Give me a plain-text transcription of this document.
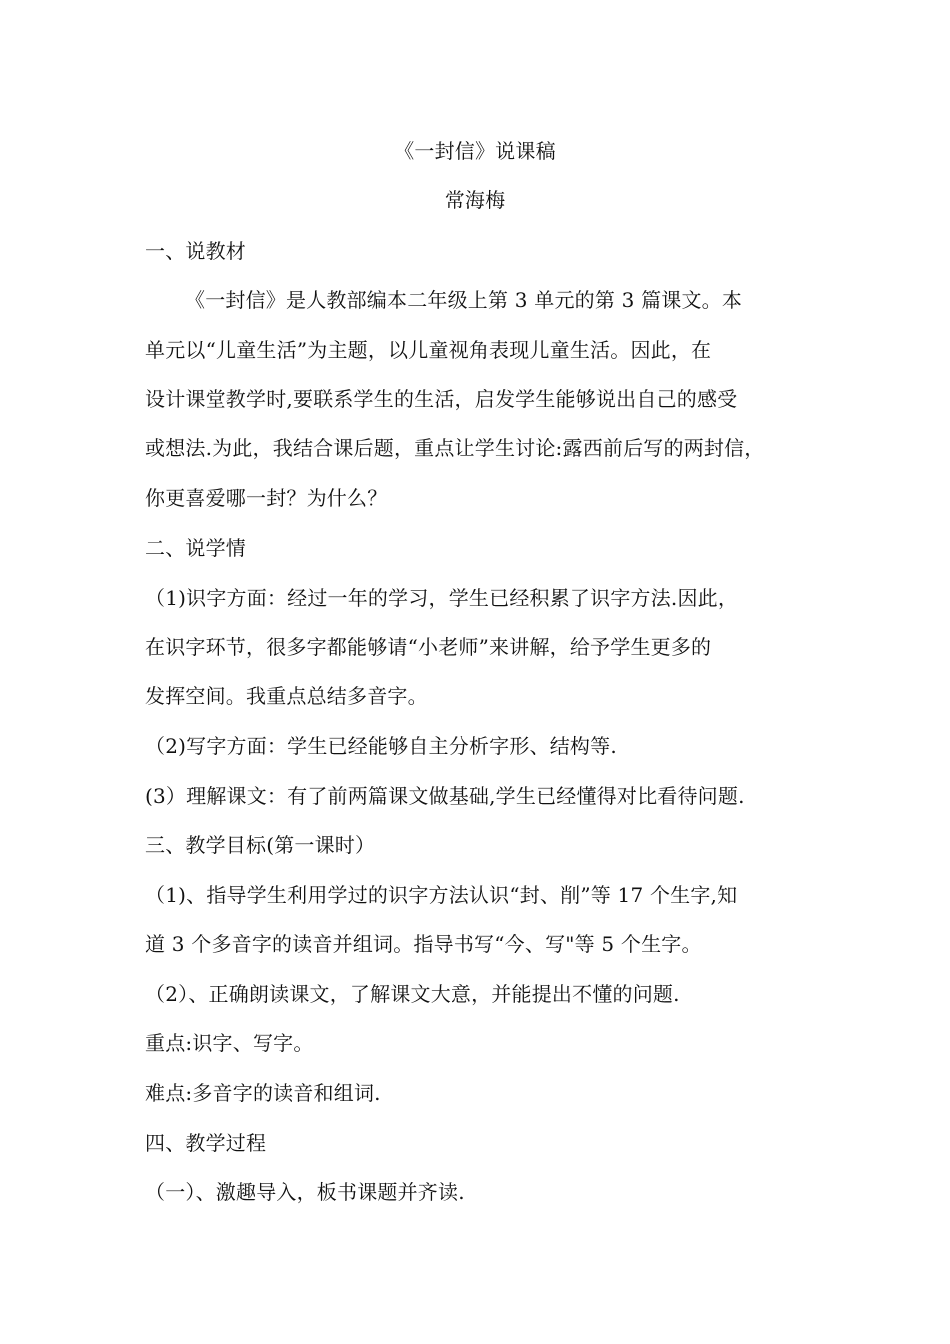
《一封信》说课稿
常海梅
一、说教材
《一封信》是人教部编本二年级上第 3 单元的第 3 篇课文。本
单元以“儿童生活”为主题，以儿童视角表现儿童生活。因此，在
设计课堂教学时,要联系学生的生活，启发学生能够说出自己的感受
或想法.为此，我结合课后题，重点让学生讨论:露西前后写的两封信，
你更喜爱哪一封？为什么？
二、说学情
（1)识字方面：经过一年的学习，学生已经积累了识字方法.因此，
在识字环节，很多字都能够请“小老师”来讲解，给予学生更多的
发挥空间。我重点总结多音字。
（2)写字方面：学生已经能够自主分析字形、结构等.
(3）理解课文：有了前两篇课文做基础,学生已经懂得对比看待问题.
三、教学目标(第一课时）
（1)、指导学生利用学过的识字方法认识“封、削”等 17 个生字,知
道 3 个多音字的读音并组词。指导书写“今、写"等 5 个生字。
（2）、正确朗读课文，了解课文大意，并能提出不懂的问题.
重点:识字、写字。
难点:多音字的读音和组词.
四、教学过程
（一）、激趣导入，板书课题并齐读.
